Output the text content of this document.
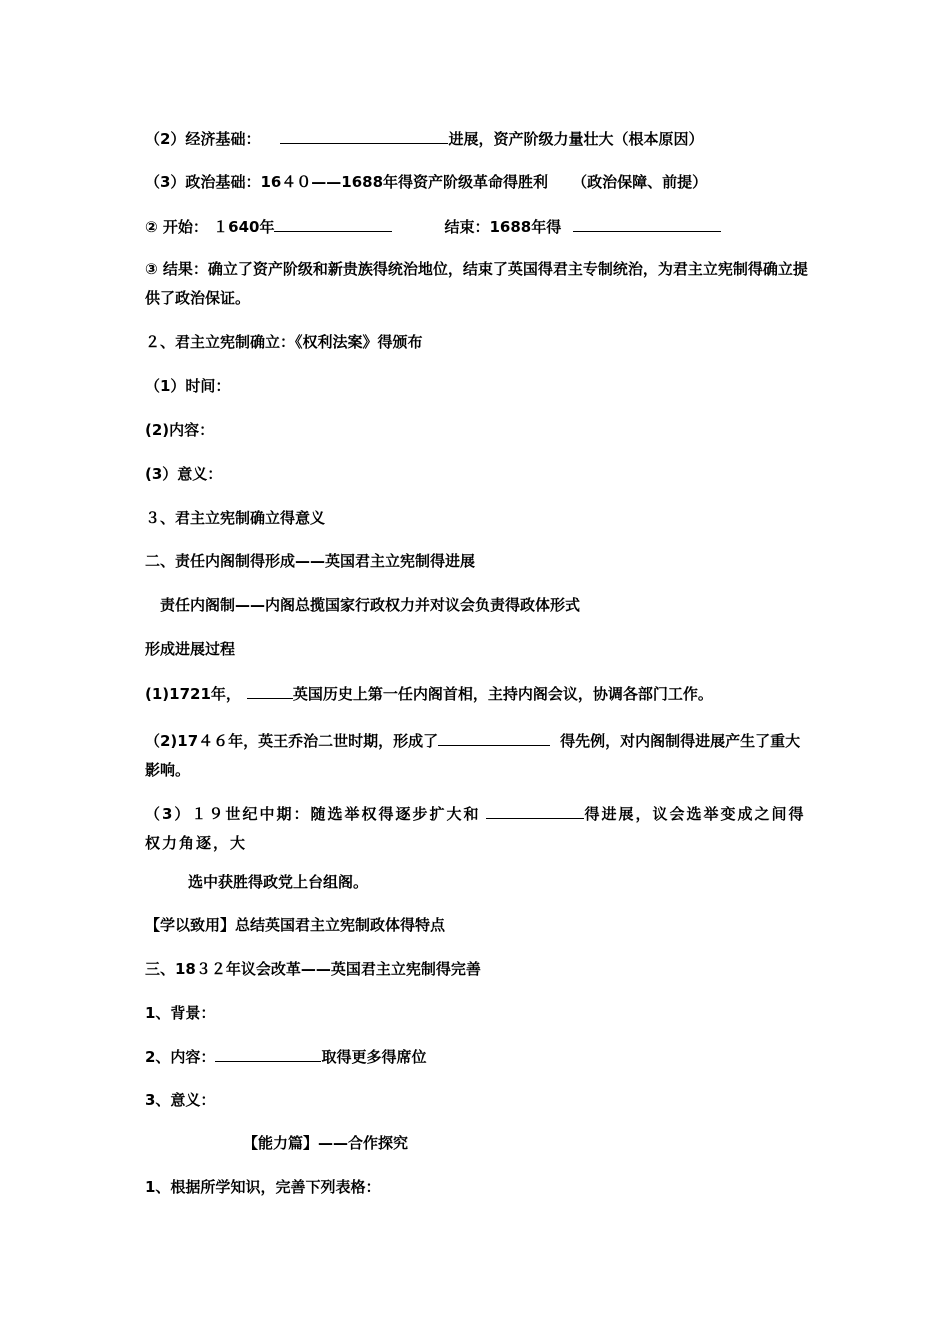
（2）经济基础：	进展，资产阶级力量壮大（根本原因）
（3）政治基础：16４０——1688年得资产阶级革命得胜利 （政治保障、前提）
② 开始： １640年	结束：1688年得
③ 结果：确立了资产阶级和新贵族得统治地位，结束了英国得君主专制统治，为君主立宪制得确立提供了政治保证。
２、君主立宪制确立：《权利法案》得颁布
（1）时间：
(2)内容：
(3）意义：
３、君主立宪制确立得意义
二、责任内阁制得形成——英国君主立宪制得进展
责任内阁制——内阁总揽国家行政权力并对议会负责得政体形式
形成进展过程
(1)1721年，	英国历史上第一任内阁首相，主持内阁会议，协调各部门工作。
（2)17４６年，英王乔治二世时期，形成了	得先例，对内阁制得进展产生了重大影响。
（3）１９世纪中期：随选举权得逐步扩大和	得进展，议会选举变成之间得权力角逐，大
选中获胜得政党上台组阁。
【学以致用】总结英国君主立宪制政体得特点
三、18３２年议会改革——英国君主立宪制得完善
1、背景：
2、内容：	取得更多得席位
3、意义：
【能力篇】——合作探究
1、根据所学知识，完善下列表格：
